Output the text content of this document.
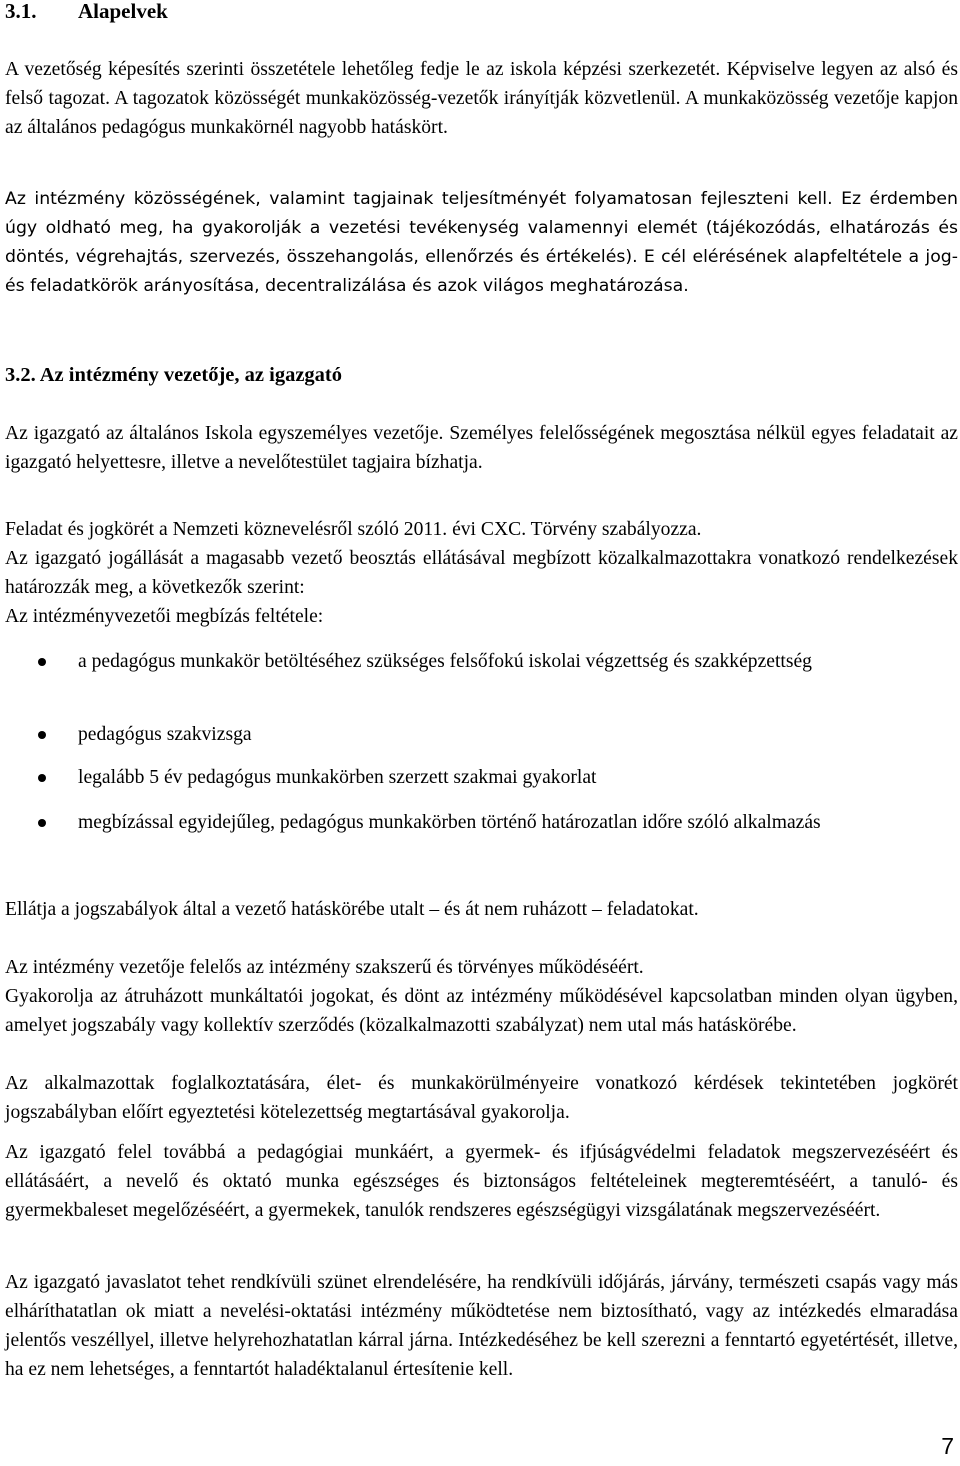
3.1. Alapelvek

A vezetőség képesítés szerinti összetétele lehetőleg fedje le az iskola képzési szerkezetét. Képviselve legyen az alsó és felső tagozat. A tagozatok közösségét munkaközösség-vezetők irányítják közvetlenül. A munkaközösség vezetője kapjon az általános pedagógus munkakörnél nagyobb hatáskört.

Az intézmény közösségének, valamint tagjainak teljesítményét folyamatosan fejleszteni kell. Ez érdemben úgy oldható meg, ha gyakorolják a vezetési tevékenység valamennyi elemét (tájékozódás, elhatározás és döntés, végrehajtás, szervezés, összehangolás, ellenőrzés és értékelés). E cél elérésének alapfeltétele a jog- és feladatkörök arányosítása, decentralizálása és azok világos meghatározása.

3.2. Az intézmény vezetője, az igazgató

Az igazgató az általános Iskola egyszemélyes vezetője. Személyes felelősségének megosztása nélkül egyes feladatait az igazgató helyettesre, illetve a nevelőtestület tagjaira bízhatja.

Feladat és jogkörét a Nemzeti köznevelésről szóló 2011. évi CXC. Törvény szabályozza.

Az igazgató jogállását a magasabb vezető beosztás ellátásával megbízott közalkalmazottakra vonatkozó rendelkezések határozzák meg, a következők szerint:

Az intézményvezetői megbízás feltétele:

a pedagógus munkakör betöltéséhez szükséges felsőfokú iskolai végzettség és szakképzettség
pedagógus szakvizsga
legalább 5 év pedagógus munkakörben szerzett szakmai gyakorlat
megbízással egyidejűleg, pedagógus munkakörben történő határozatlan időre szóló alkalmazás

Ellátja a jogszabályok által a vezető hatáskörébe utalt – és át nem ruházott – feladatokat.

Az intézmény vezetője felelős az intézmény szakszerű és törvényes működéséért.

Gyakorolja az átruházott munkáltatói jogokat, és dönt az intézmény működésével kapcsolatban minden olyan ügyben, amelyet jogszabály vagy kollektív szerződés (közalkalmazotti szabályzat) nem utal más hatáskörébe.

Az alkalmazottak foglalkoztatására, élet- és munkakörülményeire vonatkozó kérdések tekintetében jogkörét jogszabályban előírt egyeztetési kötelezettség megtartásával gyakorolja.

Az igazgató felel továbbá a pedagógiai munkáért, a gyermek- és ifjúságvédelmi feladatok megszervezéséért és ellátásáért, a nevelő és oktató munka egészséges és biztonságos feltételeinek megteremtéséért, a tanuló- és gyermekbaleset megelőzéséért, a gyermekek, tanulók rendszeres egészségügyi vizsgálatának megszervezéséért.

Az igazgató javaslatot tehet rendkívüli szünet elrendelésére, ha rendkívüli időjárás, járvány, természeti csapás vagy más elháríthatatlan ok miatt a nevelési-oktatási intézmény működtetése nem biztosítható, vagy az intézkedés elmaradása jelentős veszéllyel, illetve helyrehozhatatlan kárral járna. Intézkedéséhez be kell szerezni a fenntartó egyetértését, illetve, ha ez nem lehetséges, a fenntartót haladéktalanul értesítenie kell.

7
